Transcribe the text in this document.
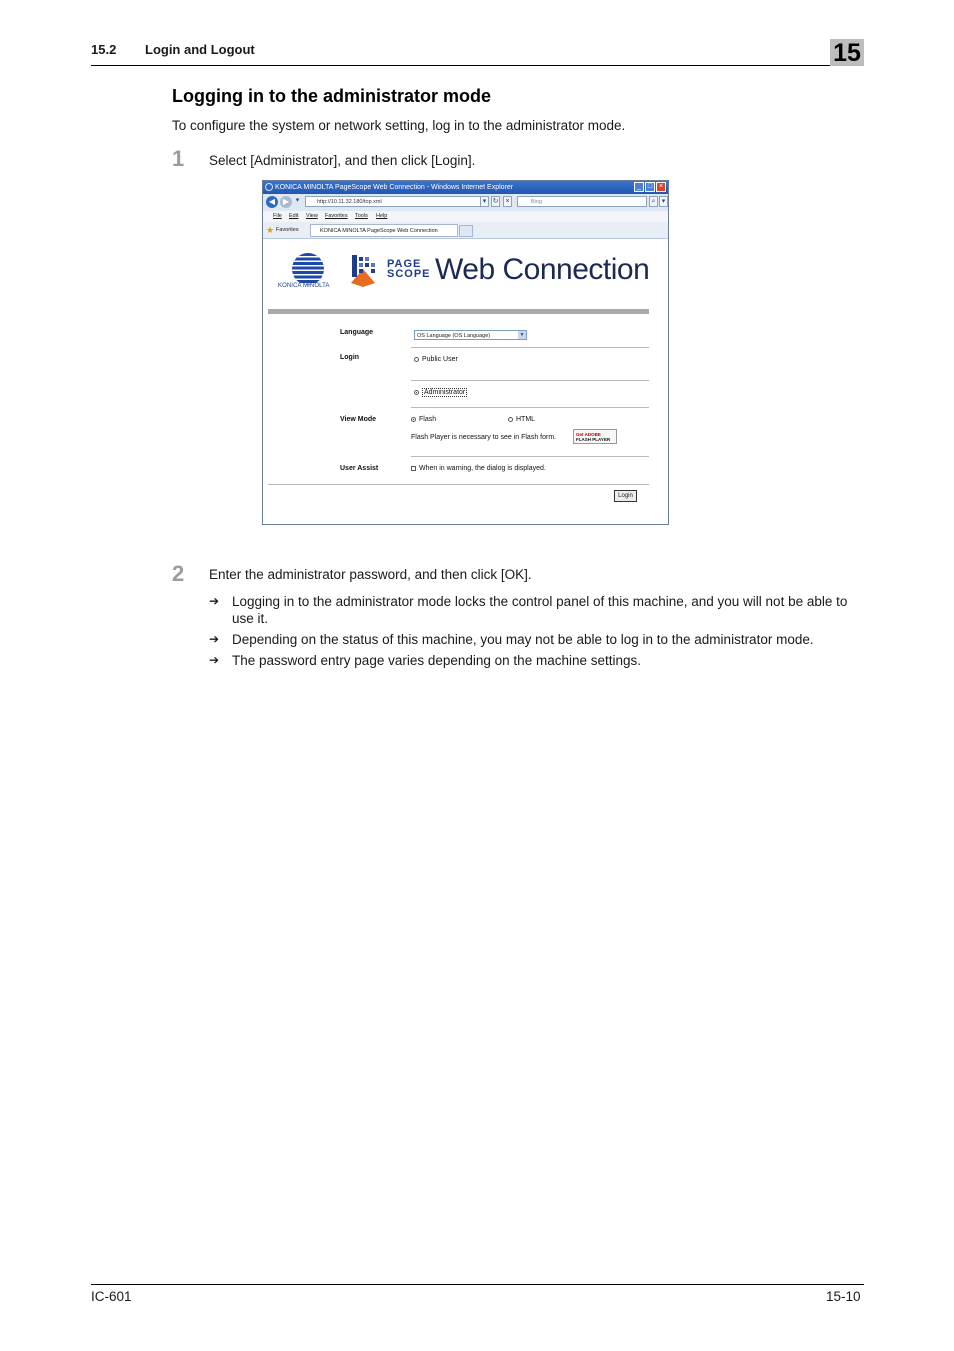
15.2 Login and Logout	15
Logging in to the administrator mode
To configure the system or network setting, log in to the administrator mode.
1 Select [Administrator], and then click [Login].
KONICA MINOLTA PageScope Web Connection - Windows Internet Explorer	_ □ ×
◀ ▶ ▾	http://10.11.32.180/top.xml	▾ ↻	×	Bing	⌕ ▾
File Edit View Favorites Tools Help
★ Favorites	KONICA MINOLTA PageScope Web Connection
KONICA MINOLTA
PAGE
SCOPE Web Connection
Language	OS Language (OS Language)	▼
Login	Public User
Administrator
View Mode	Flash	HTML
Flash Player is necessary to see in Flash form.	Get ADOBE
FLASH PLAYER
User Assist	When in warning, the dialog is displayed.
Login
2 Enter the administrator password, and then click [OK].
➔ Logging in to the administrator mode locks the control panel of this machine, and you will not be able to use it.
➔ Depending on the status of this machine, you may not be able to log in to the administrator mode.
➔ The password entry page varies depending on the machine settings.
IC-601	15-10
